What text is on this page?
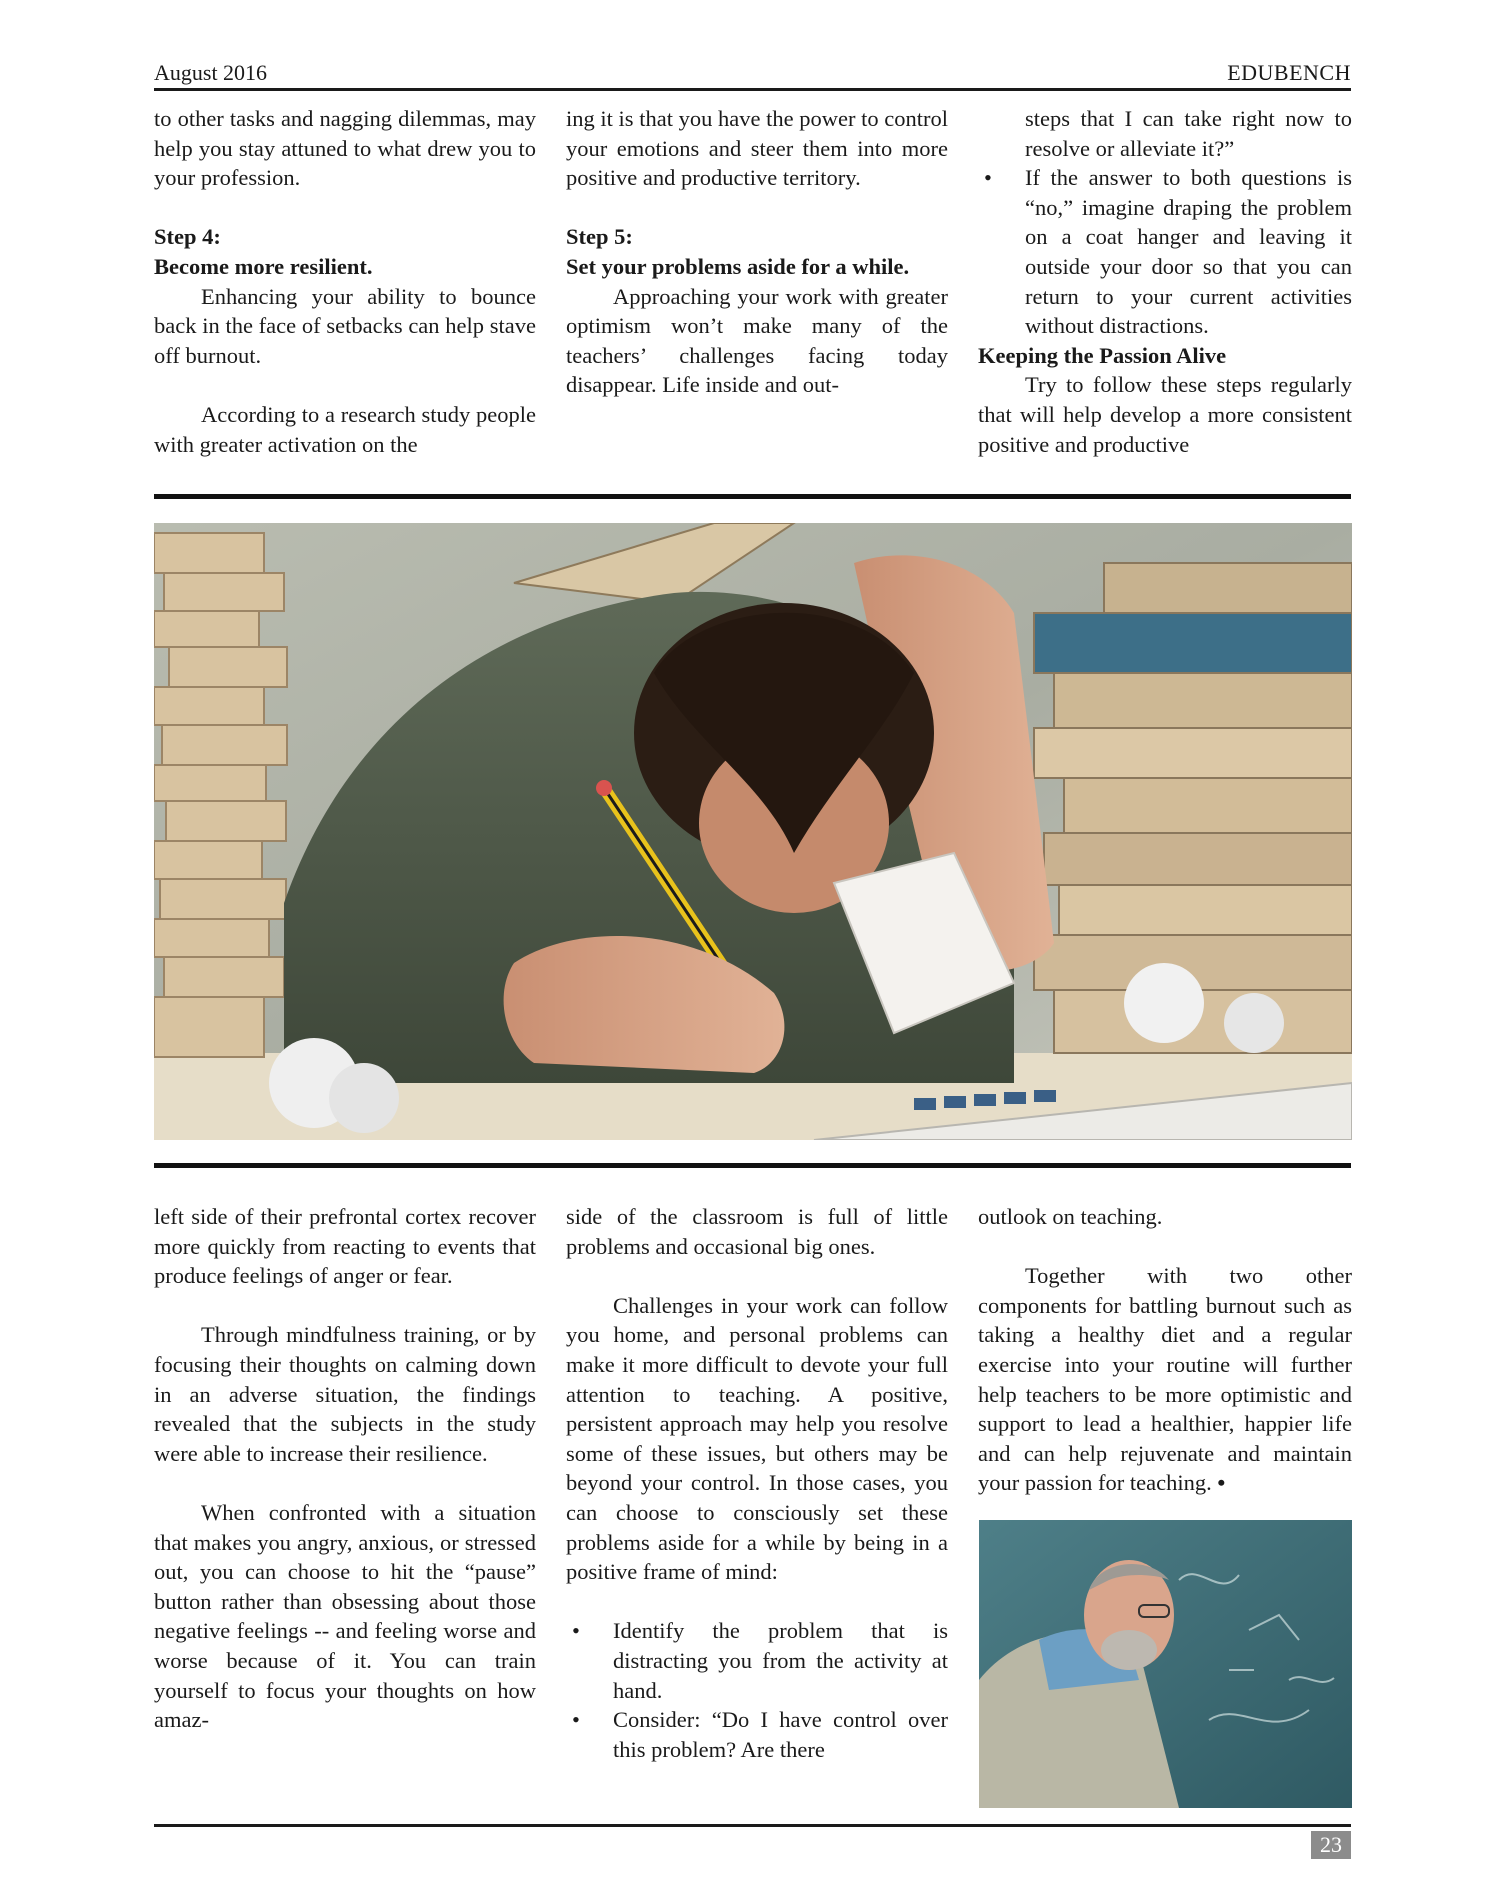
August 2016	EDUBENCH

to other tasks and nagging dilemmas, may help you stay attuned to what drew you to your profession.

Step 4:

Become more resilient.

Enhancing your ability to bounce back in the face of setbacks can help stave off burnout.

According to a research study people with greater activation on the

ing it is that you have the power to control your emotions and steer them into more positive and productive territory.

Step 5:

Set your problems aside for a while.

Approaching your work with greater optimism won’t make many of the teachers’ challenges facing today disappear. Life inside and out-

steps that I can take right now to resolve or alleviate it?”

• If the answer to both questions is “no,” imagine draping the problem on a coat hanger and leaving it outside your door so that you can return to your current activities without distractions.

Keeping the Passion Alive

Try to follow these steps regularly that will help develop a more consistent positive and productive

left side of their prefrontal cortex recover more quickly from reacting to events that produce feelings of anger or fear.

Through mindfulness training, or by focusing their thoughts on calming down in an adverse situation, the findings revealed that the subjects in the study were able to increase their resilience.

When confronted with a situation that makes you angry, anxious, or stressed out, you can choose to hit the “pause” button rather than obsessing about those negative feelings -- and feeling worse and worse because of it. You can train yourself to focus your thoughts on how amaz-

side of the classroom is full of little problems and occasional big ones.

Challenges in your work can follow you home, and personal problems can make it more difficult to devote your full attention to teaching. A positive, persistent approach may help you resolve some of these issues, but others may be beyond your control. In those cases, you can choose to consciously set these problems aside for a while by being in a positive frame of mind:

• Identify the problem that is distracting you from the activity at hand.

• Consider: “Do I have control over this problem? Are there

outlook on teaching.

Together with two other components for battling burnout such as taking a healthy diet and a regular exercise into your routine will further help teachers to be more optimistic and support to lead a healthier, happier life and can help rejuvenate and maintain your passion for teaching. •

23
